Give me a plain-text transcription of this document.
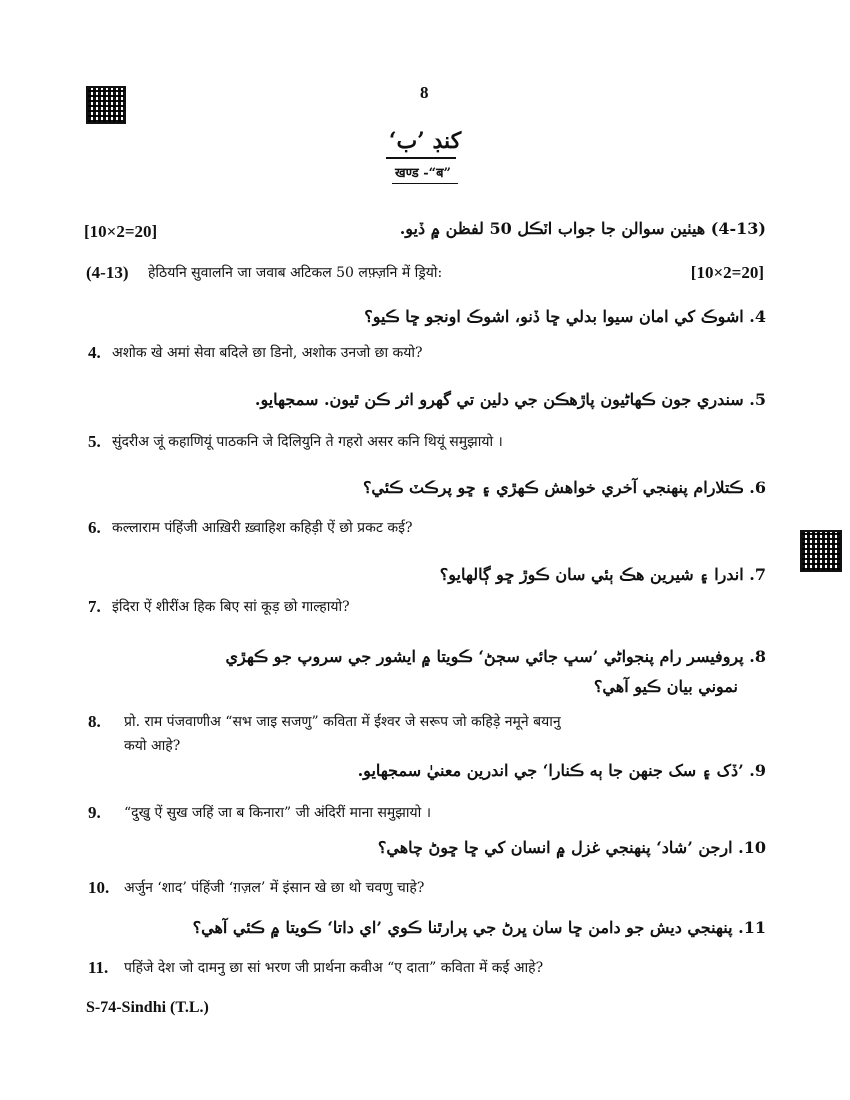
8
کنڊ ’ب‘
खण्ड -“ब”
[10×2=20]	(4-13) هيٺين سوالن جا جواب اٽڪل 50 لفظن ۾ ڏيو.
(4-13) हेठियनि सुवालनि जा जवाब अटिकल 50 लफ़्ज़नि में ड्रियो:	[10×2=20]
4. اشوڪ کي امان سيوا بدلي ڇا ڏنو، اشوڪ اونجو ڇا ڪيو؟
4. अशोक खे अमां सेवा बदिले छा डिनो, अशोक उनजो छा कयो?
5. سندري جون ڪهاڻيون پاڙهڪن جي دلين تي گهرو اثر ڪن ٿيون. سمجهايو.
5. सुंदरीअ जूं कहाणियूं पाठकनि जे दिलियुनि ते गहरो असर कनि थियूं समुझायो ।
6. ڪتلارام پنهنجي آخري خواهش ڪهڙي ۽ ڇو پرڪٽ ڪئي؟
6. कल्लाराम पंहिंजी आख़िरी ख़्वाहिश कहिड़ी ऐं छो प्रकट कई?
7. اندرا ۽ شيرين هڪ ٻئي سان ڪوڙ ڇو ڳالهايو؟
7. इंदिरा ऐं शीरींअ हिक बिए सां कूड़ छो गाल्हायो?
8. پروفيسر رام پنجواڻي ’سڀ جائي سڄڻ‘ ڪويتا ۾ ايشور جي سروپ جو ڪهڙي
نموني بيان ڪيو آهي؟
8. प्रो. राम पंजवाणीअ “सभ जाइ सजणु” कविता में ईश्वर जे सरूप जो कहिड़े नमूने बयानु
कयो आहे?
9. ’ڏک ۽ سک جنهن جا ٻه ڪنارا‘ جي اندرين معنيٰ سمجهايو.
9. “दुखु ऐं सुख जहिं जा ब किनारा” जी अंदिरीं माना समुझायो ।
10. ارجن ’شاد‘ پنهنجي غزل ۾ انسان کي ڇا ڇوڻ چاهي؟
10. अर्जुन ‘शाद’ पंहिंजी ‘ग़ज़ल’ में इंसान खे छा थो चवणु चाहे?
11. پنهنجي ديش جو دامن ڇا سان ڀرڻ جي پرارٿنا ڪوي ’اي داتا‘ ڪويتا ۾ ڪئي آهي؟
11. पहिंजे देश जो दामनु छा सां भरण जी प्रार्थना कवीअ “ए दाता” कविता में कई आहे?
S-74-Sindhi (T.L.)
